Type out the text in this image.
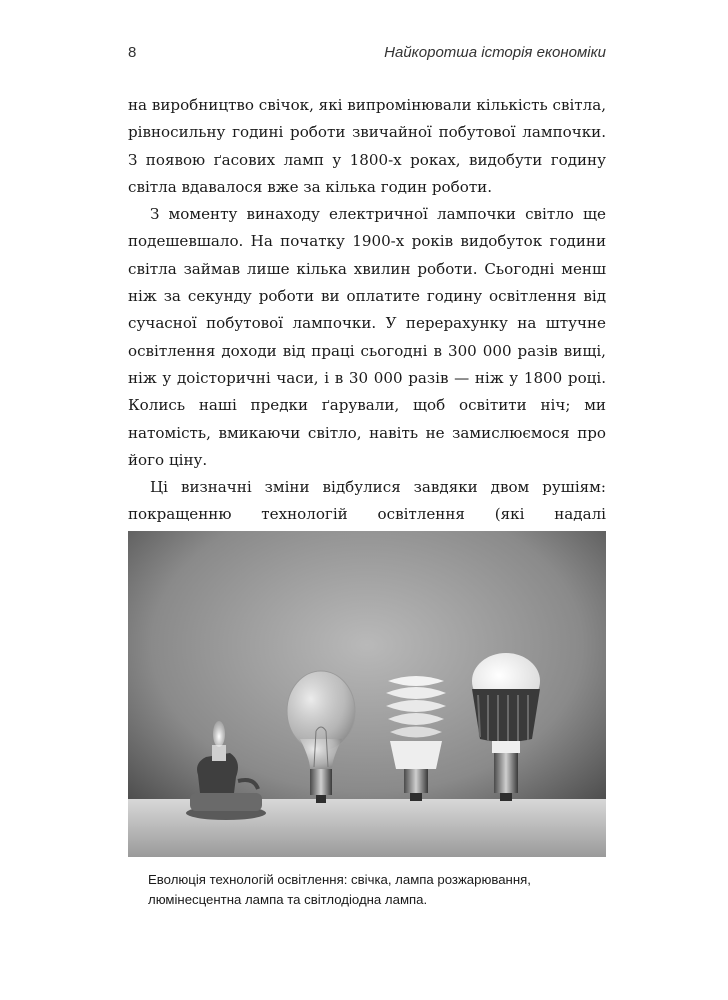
8	Найкоротша історія економіки

на виробництво свічок, які випромінювали кількість світла, рівносильну годині роботи звичайної побутової лампочки. З появою ґасових ламп у 1800-х роках, видобути годину світла вдавалося вже за кілька годин роботи.

З моменту винаходу електричної лампочки світло ще подешевшало. На початку 1900-х років видобуток години світла займав лише кілька хвилин роботи. Сьогодні менш ніж за секунду роботи ви оплатите годину освітлення від сучасної побутової лампочки. У перерахунку на штучне освітлення доходи від праці сьогодні в 300 000 разів вищі, ніж у доісторичні часи, і в 30 000 разів — ніж у 1800 році. Колись наші предки ґарували, щоб освітити ніч; ми натомість, вмикаючи світло, навіть не замислюємося про його ціну.

Ці визначні зміни відбулися завдяки двом рушіям: покращенню технологій освітлення (які надалі

Еволюція технологій освітлення: свічка, лампа розжарювання, люмінесцентна лампа та світлодіодна лампа.
